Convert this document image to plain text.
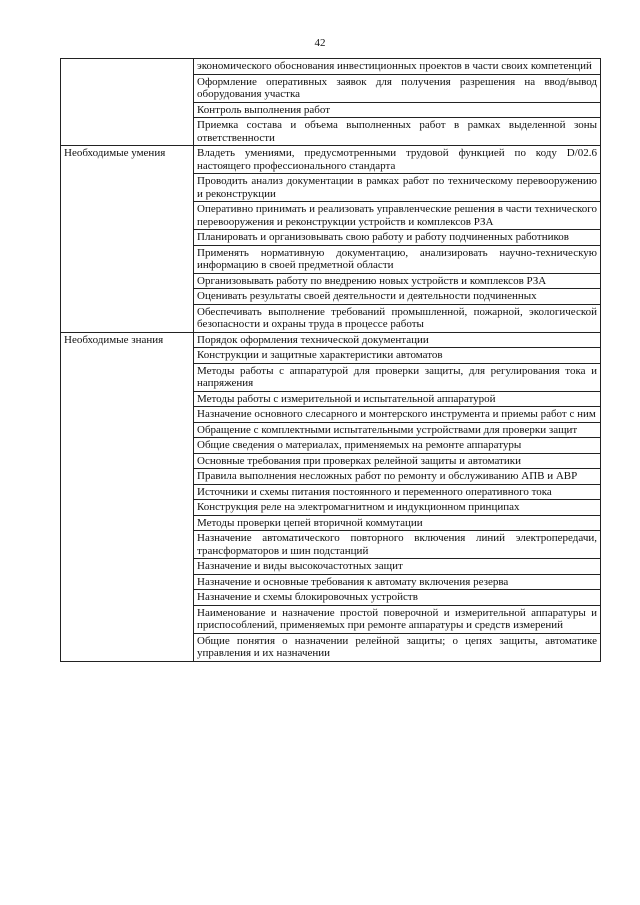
42
	экономического обоснования инвестиционных проектов в части своих компетенций
	Оформление оперативных заявок для получения разрешения на ввод/вывод оборудования участка
	Контроль выполнения работ
	Приемка состава и объема выполненных работ в рамках выделенной зоны ответственности
Необходимые умения	Владеть умениями, предусмотренными трудовой функцией по коду D/02.6 настоящего профессионального стандарта
	Проводить анализ документации в рамках работ по техническому перевооружению и реконструкции
	Оперативно принимать и реализовать управленческие решения в части технического перевооружения и реконструкции устройств и комплексов РЗА
	Планировать и организовывать свою работу и работу подчиненных работников
	Применять нормативную документацию, анализировать научно-техническую информацию в своей предметной области
	Организовывать работу по внедрению новых устройств и комплексов РЗА
	Оценивать результаты своей деятельности и деятельности подчиненных
	Обеспечивать выполнение требований промышленной, пожарной, экологической безопасности и охраны труда в процессе работы
Необходимые знания	Порядок оформления технической документации
	Конструкции и защитные характеристики автоматов
	Методы работы с аппаратурой для проверки защиты, для регулирования тока и напряжения
	Методы работы с измерительной и испытательной аппаратурой
	Назначение основного слесарного и монтерского инструмента и приемы работ с ним
	Обращение с комплектными испытательными устройствами для проверки защит
	Общие сведения о материалах, применяемых на ремонте аппаратуры
	Основные требования при проверках релейной защиты и автоматики
	Правила выполнения несложных работ по ремонту и обслуживанию АПВ и АВР
	Источники и схемы питания постоянного и переменного оперативного тока
	Конструкция реле на электромагнитном и индукционном принципах
	Методы проверки цепей вторичной коммутации
	Назначение автоматического повторного включения линий электропередачи, трансформаторов и шин подстанций
	Назначение и виды высокочастотных защит
	Назначение и основные требования к автомату включения резерва
	Назначение и схемы блокировочных устройств
	Наименование и назначение простой поверочной и измерительной аппаратуры и приспособлений, применяемых при ремонте аппаратуры и средств измерений
	Общие понятия о назначении релейной защиты; о цепях защиты, автоматике управления и их назначении
